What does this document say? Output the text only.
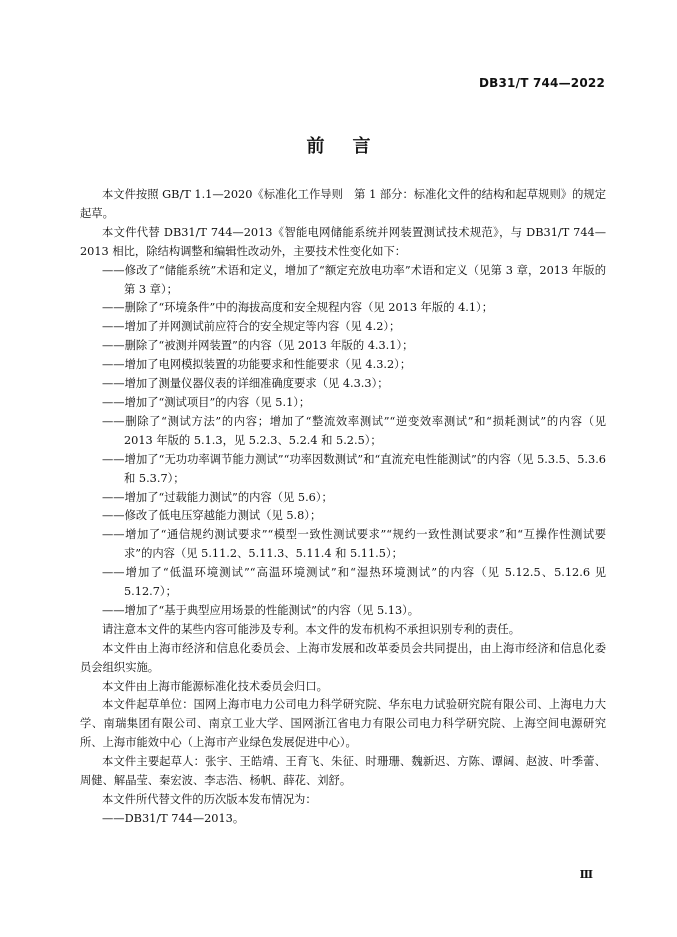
DB31/T 744—2022
前言

本文件按照 GB/T 1.1—2020《标准化工作导则　第 1 部分：标准化文件的结构和起草规则》的规定起草。

本文件代替 DB31/T 744—2013《智能电网储能系统并网装置测试技术规范》，与 DB31/T 744—2013 相比，除结构调整和编辑性改动外，主要技术性变化如下：

——修改了“储能系统”术语和定义，增加了“额定充放电功率”术语和定义（见第 3 章，2013 年版的第 3 章）；

——删除了“环境条件”中的海拔高度和安全规程内容（见 2013 年版的 4.1）；

——增加了并网测试前应符合的安全规定等内容（见 4.2）；

——删除了“被测并网装置”的内容（见 2013 年版的 4.3.1）；

——增加了电网模拟装置的功能要求和性能要求（见 4.3.2）；

——增加了测量仪器仪表的详细准确度要求（见 4.3.3）；

——增加了“测试项目”的内容（见 5.1）；

——删除了“测试方法”的内容；增加了“整流效率测试”“逆变效率测试”和“损耗测试”的内容（见 2013 年版的 5.1.3，见 5.2.3、5.2.4 和 5.2.5）；

——增加了“无功功率调节能力测试”“功率因数测试”和“直流充电性能测试”的内容（见 5.3.5、5.3.6 和 5.3.7）；

——增加了“过载能力测试”的内容（见 5.6）；

——修改了低电压穿越能力测试（见 5.8）；

——增加了“通信规约测试要求”“模型一致性测试要求”“规约一致性测试要求”和“互操作性测试要求”的内容（见 5.11.2、5.11.3、5.11.4 和 5.11.5）；

——增加了“低温环境测试”“高温环境测试”和“湿热环境测试”的内容（见 5.12.5、5.12.6 见 5.12.7）；

——增加了“基于典型应用场景的性能测试”的内容（见 5.13）。

请注意本文件的某些内容可能涉及专利。本文件的发布机构不承担识别专利的责任。

本文件由上海市经济和信息化委员会、上海市发展和改革委员会共同提出，由上海市经济和信息化委员会组织实施。

本文件由上海市能源标准化技术委员会归口。

本文件起草单位：国网上海市电力公司电力科学研究院、华东电力试验研究院有限公司、上海电力大学、南瑞集团有限公司、南京工业大学、国网浙江省电力有限公司电力科学研究院、上海空间电源研究所、上海市能效中心（上海市产业绿色发展促进中心）。

本文件主要起草人：张宇、王皓靖、王育飞、朱征、时珊珊、魏新迟、方陈、谭阔、赵波、叶季蕾、周健、解晶莹、秦宏波、李志浩、杨帆、薛花、刘舒。

本文件所代替文件的历次版本发布情况为：

——DB31/T 744—2013。

Ⅲ
